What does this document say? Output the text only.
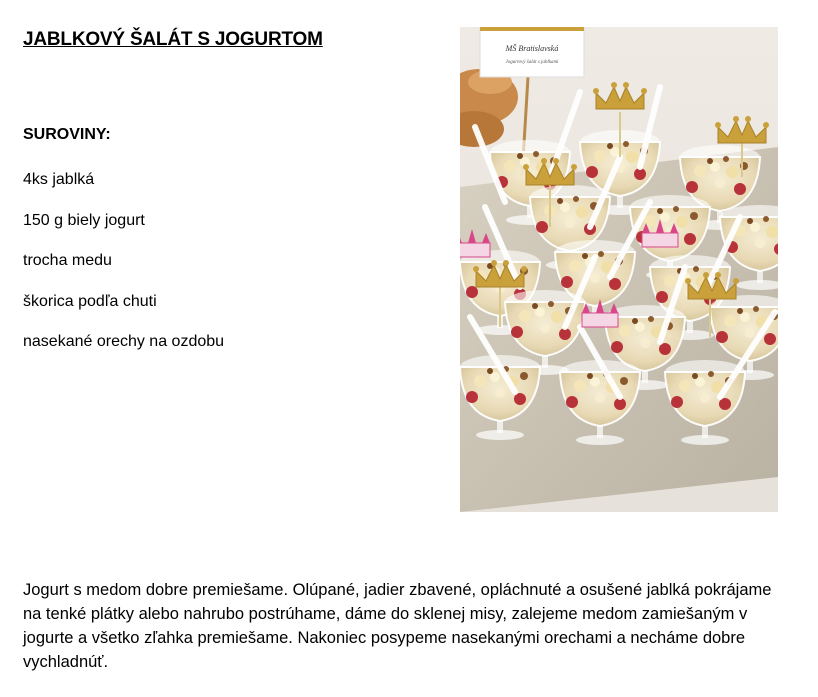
JABLKOVÝ ŠALÁT S JOGURTOM
SUROVINY:
4ks jablká
150 g biely jogurt
trocha medu
škorica podľa chuti
nasekané orechy na ozdobu
MŠ Bratislavská
Jogurtový šalát s jablkami

Jogurt s medom dobre premiešame. Olúpané, jadier zbavené, opláchnuté a osušené jablká pokrájame na tenké plátky alebo nahrubo postrúhame, dáme do sklenej misy, zalejeme medom zamiešaným v jogurte a všetko zľahka premiešame. Nakoniec posypeme nasekanými orechami a necháme dobre vychladnúť.
